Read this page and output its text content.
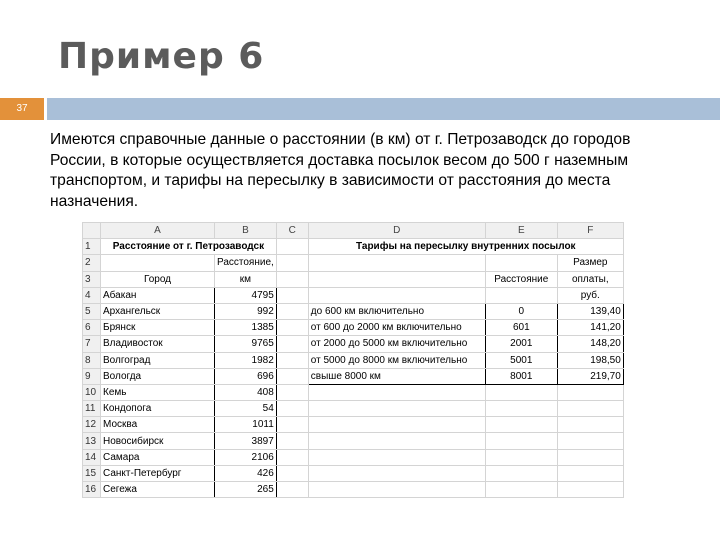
Пример 6
37
Имеются справочные данные о расстоянии (в км) от г. Петрозаводск до городов России, в которые осуществляется доставка посылок весом до 500 г наземным транспортом, и тарифы на пересылку в зависимости от расстояния до места назначения.
	A	B	C	D	E	F
1	Расстояние от г. Петрозаводск			Тарифы на пересылку внутренних посылок		
2		Расстояние,				Размер
3	Город	км			Расстояние	оплаты,
4	Абакан	4795				руб.
5	Архангельск	992		до 600 км включительно	0	139,40
6	Брянск	1385		от 600 до 2000 км включительно	601	141,20
7	Владивосток	9765		от 2000 до 5000 км включительно	2001	148,20
8	Волгоград	1982		от 5000 до 8000 км включительно	5001	198,50
9	Вологда	696		свыше 8000 км	8001	219,70
10	Кемь	408				
11	Кондопога	54				
12	Москва	1011				
13	Новосибирск	3897				
14	Самара	2106				
15	Санкт-Петербург	426				
16	Сегежа	265				
